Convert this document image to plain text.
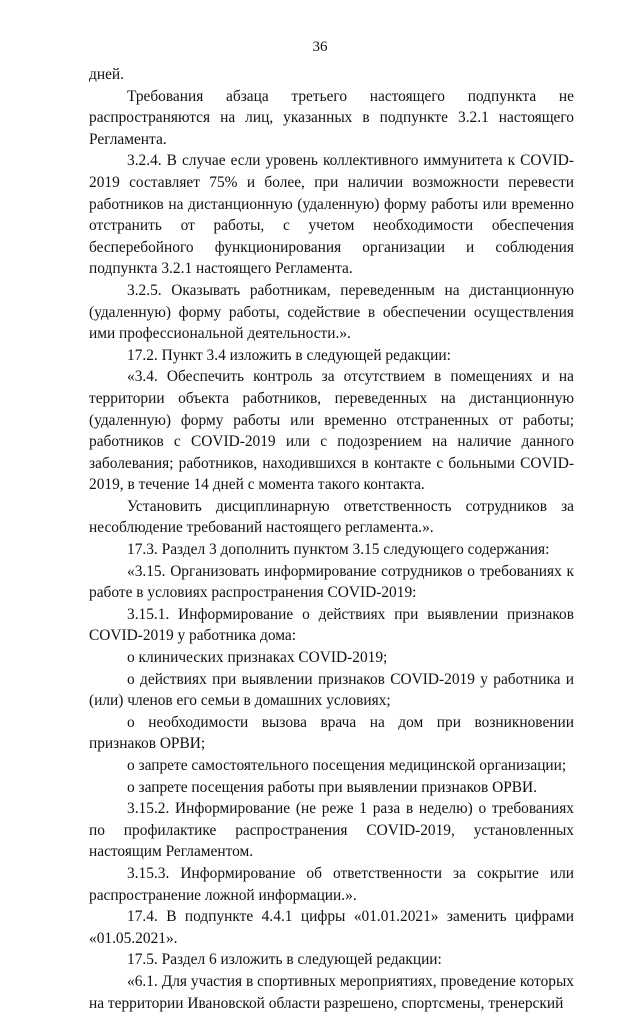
36

дней.

Требования абзаца третьего настоящего подпункта не распространяются на лиц, указанных в подпункте 3.2.1 настоящего Регламента.

3.2.4. В случае если уровень коллективного иммунитета к COVID-2019 составляет 75% и более, при наличии возможности перевести работников на дистанционную (удаленную) форму работы или временно отстранить от работы, с учетом необходимости обеспечения бесперебойного функционирования организации и соблюдения подпункта 3.2.1 настоящего Регламента.

3.2.5. Оказывать работникам, переведенным на дистанционную (удаленную) форму работы, содействие в обеспечении осуществления ими профессиональной деятельности.».

17.2. Пункт 3.4 изложить в следующей редакции:

«3.4. Обеспечить контроль за отсутствием в помещениях и на территории объекта работников, переведенных на дистанционную (удаленную) форму работы или временно отстраненных от работы; работников с COVID-2019 или с подозрением на наличие данного заболевания; работников, находившихся в контакте с больными COVID-2019, в течение 14 дней с момента такого контакта.

Установить дисциплинарную ответственность сотрудников за несоблюдение требований настоящего регламента.».

17.3. Раздел 3 дополнить пунктом 3.15 следующего содержания:

«3.15. Организовать информирование сотрудников о требованиях к работе в условиях распространения COVID-2019:

3.15.1. Информирование о действиях при выявлении признаков COVID-2019 у работника дома:

о клинических признаках COVID-2019;

о действиях при выявлении признаков COVID-2019 у работника и (или) членов его семьи в домашних условиях;

о необходимости вызова врача на дом при возникновении признаков ОРВИ;

о запрете самостоятельного посещения медицинской организации;

о запрете посещения работы при выявлении признаков ОРВИ.

3.15.2. Информирование (не реже 1 раза в неделю) о требованиях по профилактике распространения COVID-2019, установленных настоящим Регламентом.

3.15.3. Информирование об ответственности за сокрытие или распространение ложной информации.».

17.4. В подпункте 4.4.1 цифры «01.01.2021» заменить цифрами «01.05.2021».

17.5. Раздел 6 изложить в следующей редакции:

«6.1. Для участия в спортивных мероприятиях, проведение которых на территории Ивановской области разрешено, спортсмены, тренерский
